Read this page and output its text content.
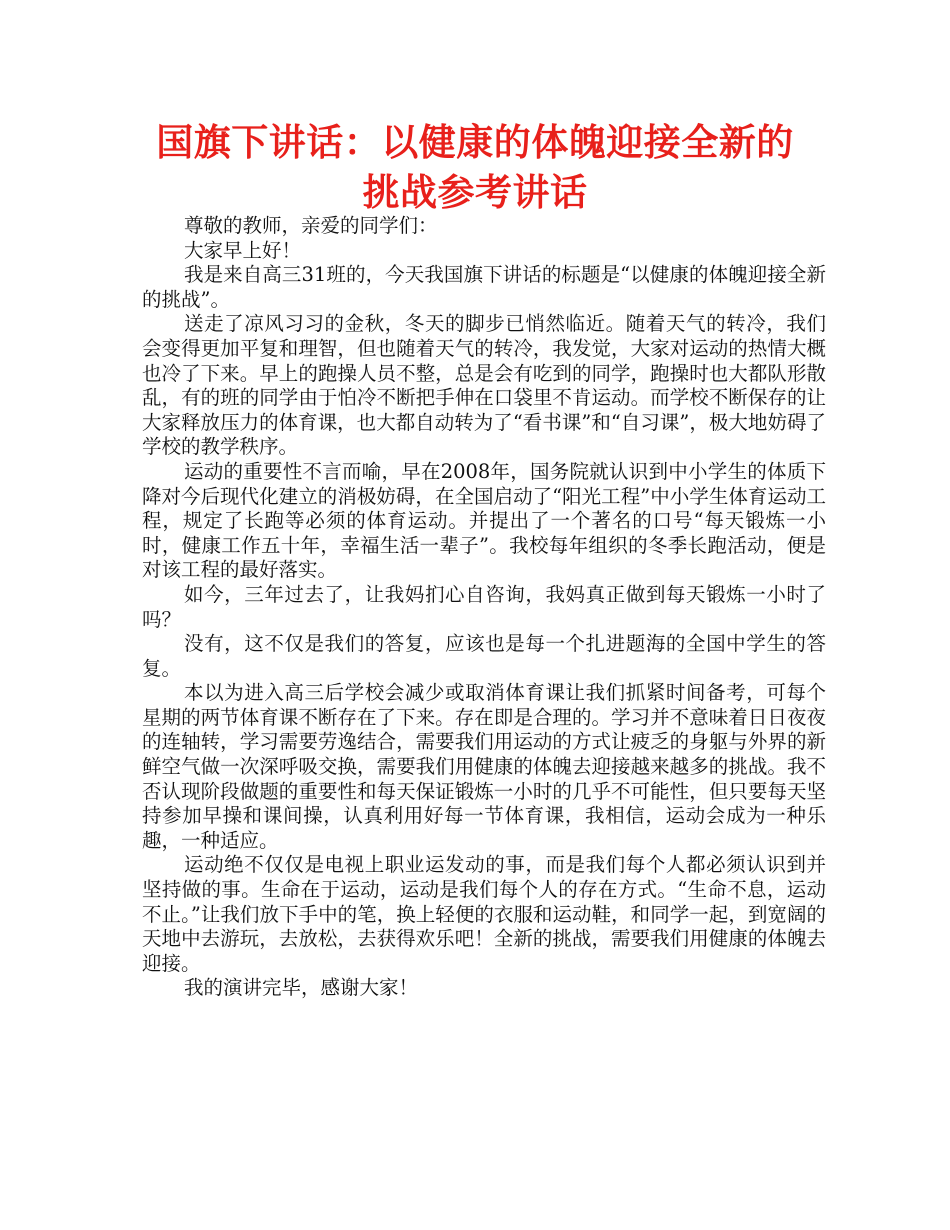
国旗下讲话：以健康的体魄迎接全新的挑战参考讲话

尊敬的教师，亲爱的同学们：

大家早上好！

我是来自高三31班的，今天我国旗下讲话的标题是“以健康的体魄迎接全新的挑战”。

送走了凉风习习的金秋，冬天的脚步已悄然临近。随着天气的转冷，我们会变得更加平复和理智，但也随着天气的转冷，我发觉，大家对运动的热情大概也冷了下来。早上的跑操人员不整，总是会有吃到的同学，跑操时也大都队形散乱，有的班的同学由于怕冷不断把手伸在口袋里不肯运动。而学校不断保存的让大家释放压力的体育课，也大都自动转为了“看书课”和“自习课”，极大地妨碍了学校的教学秩序。

运动的重要性不言而喻，早在2008年，国务院就认识到中小学生的体质下降对今后现代化建立的消极妨碍，在全国启动了“阳光工程”中小学生体育运动工程，规定了长跑等必须的体育运动。并提出了一个著名的口号“每天锻炼一小时，健康工作五十年，幸福生活一辈子”。我校每年组织的冬季长跑活动，便是对该工程的最好落实。

如今，三年过去了，让我妈扪心自咨询，我妈真正做到每天锻炼一小时了吗？

没有，这不仅是我们的答复，应该也是每一个扎进题海的全国中学生的答复。

本以为进入高三后学校会减少或取消体育课让我们抓紧时间备考，可每个星期的两节体育课不断存在了下来。存在即是合理的。学习并不意味着日日夜夜的连轴转，学习需要劳逸结合，需要我们用运动的方式让疲乏的身躯与外界的新鲜空气做一次深呼吸交换，需要我们用健康的体魄去迎接越来越多的挑战。我不否认现阶段做题的重要性和每天保证锻炼一小时的几乎不可能性，但只要每天坚持参加早操和课间操，认真利用好每一节体育课，我相信，运动会成为一种乐趣，一种适应。

运动绝不仅仅是电视上职业运发动的事，而是我们每个人都必须认识到并坚持做的事。生命在于运动，运动是我们每个人的存在方式。“生命不息，运动不止。”让我们放下手中的笔，换上轻便的衣服和运动鞋，和同学一起，到宽阔的天地中去游玩，去放松，去获得欢乐吧！全新的挑战，需要我们用健康的体魄去迎接。

我的演讲完毕，感谢大家！
